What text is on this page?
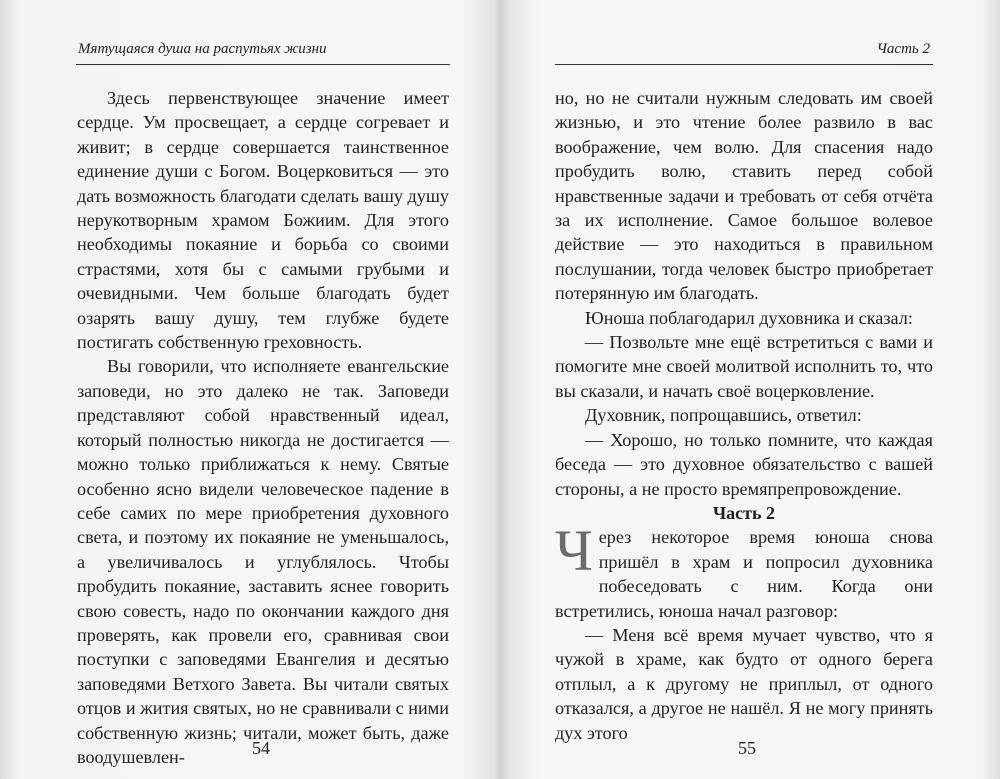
Мятущаяся душа на распутьях жизни

Здесь первенствующее значение имеет сердце. Ум просвещает, а сердце согревает и живит; в сердце совершается таинственное единение души с Богом. Воцерковиться — это дать возможность благодати сделать вашу душу нерукотворным храмом Божиим. Для этого необходимы покаяние и борьба со своими страстями, хотя бы с самыми грубыми и очевидными. Чем больше благодать будет озарять вашу душу, тем глубже будете постигать собственную греховность.

Вы говорили, что исполняете евангельские заповеди, но это далеко не так. Заповеди представляют собой нравственный идеал, который полностью никогда не достигается — можно только приближаться к нему. Святые особенно ясно видели человеческое падение в себе самих по мере приобретения духовного света, и поэтому их покаяние не уменьшалось, а увеличивалось и углублялось. Чтобы пробудить покаяние, заставить яснее говорить свою совесть, надо по окончании каждого дня проверять, как провели его, сравнивая свои поступки с заповедями Евангелия и десятью заповедями Ветхого Завета. Вы читали святых отцов и жития святых, но не сравнивали с ними собственную жизнь; читали, может быть, даже воодушевлен-	54
Часть 2

но, но не считали нужным следовать им своей жизнью, и это чтение более развило в вас воображение, чем волю. Для спасения надо пробудить волю, ставить перед собой нравственные задачи и требовать от себя отчёта за их исполнение. Самое большое волевое действие — это находиться в правильном послушании, тогда человек быстро приобретает потерянную им благодать.

Юноша поблагодарил духовника и сказал:

— Позвольте мне ещё встретиться с вами и помогите мне своей молитвой исполнить то, что вы сказали, и начать своё воцерковление.

Духовник, попрощавшись, ответил:

— Хорошо, но только помните, что каждая беседа — это духовное обязательство с вашей стороны, а не просто времяпрепровождение.

Часть 2

Через некоторое время юноша снова пришёл в храм и попросил духовника побеседовать с ним. Когда они встретились, юноша начал разговор:

— Меня всё время мучает чувство, что я чужой в храме, как будто от одного берега отплыл, а к другому не приплыл, от одного отказался, а другое не нашёл. Я не могу принять дух этого

55
